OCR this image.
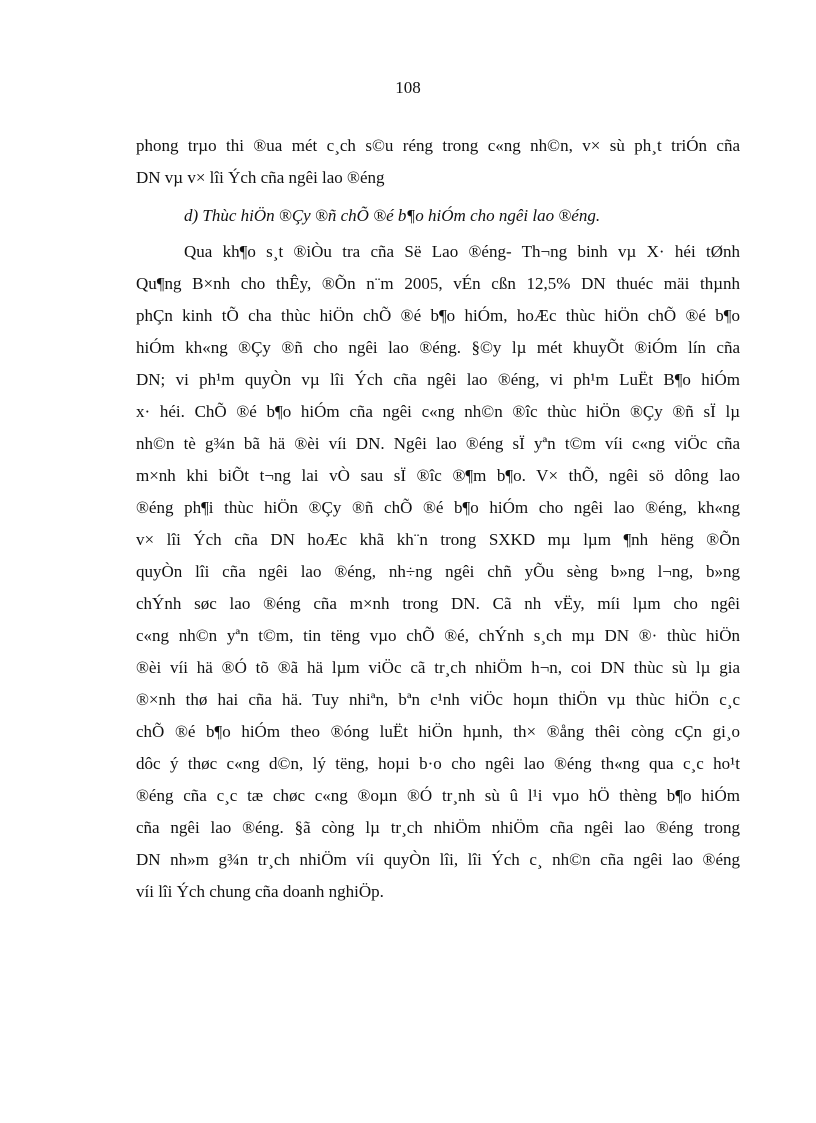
108
phong trµo thi ®ua mét c¸ch s©u réng trong c«ng nh©n, v× sù ph¸t triÓn cña
DN vµ v× lîi Ých cña ngêi lao ®éng
d) Thùc hiÖn ®Çy ®ñ chÕ ®é b¶o hiÓm cho ngêi lao ®éng.
Qua kh¶o s¸t ®iÒu tra cña Së Lao ®éng- Th¬ng binh vµ X· héi tØnh
Qu¶ng B×nh cho thÊy, ®Õn n¨m 2005, vÉn cßn 12,5% DN thuéc mäi thµnh
phÇn kinh tÕ cha thùc hiÖn chÕ ®é b¶o hiÓm, hoÆc thùc hiÖn chÕ ®é b¶o
hiÓm kh«ng ®Çy ®ñ cho ngêi lao ®éng. §©y lµ mét khuyÕt ®iÓm lín cña
DN; vi ph¹m quyÒn vµ lîi Ých cña ngêi lao ®éng, vi ph¹m LuËt B¶o hiÓm
x· héi. ChÕ ®é b¶o hiÓm cña ngêi c«ng nh©n ®îc thùc hiÖn ®Çy ®ñ sÏ lµ
nh©n tè g¾n bã hä ®èi víi DN. Ngêi lao ®éng sÏ yªn t©m víi c«ng viÖc cña
m×nh khi biÕt t¬ng lai vÒ sau sÏ ®îc ®¶m b¶o. V× thÕ, ngêi sö dông lao
®éng ph¶i thùc hiÖn ®Çy ®ñ chÕ ®é b¶o hiÓm cho ngêi lao ®éng, kh«ng
v× lîi Ých cña DN hoÆc khã kh¨n trong SXKD mµ lµm ¶nh hëng ®Õn
quyÒn lîi cña ngêi lao ®éng, nh÷ng ngêi chñ yÕu sèng b»ng l¬ng, b»ng
chÝnh søc lao ®éng cña m×nh trong DN. Cã nh vËy, míi lµm cho ngêi
c«ng nh©n yªn t©m, tin tëng vµo chÕ ®é, chÝnh s¸ch mµ DN ®· thùc hiÖn
®èi víi hä ®Ó tõ ®ã hä lµm viÖc cã tr¸ch nhiÖm h¬n, coi DN thùc sù lµ gia
®×nh thø hai cña hä. Tuy nhiªn, bªn c¹nh viÖc hoµn thiÖn vµ thùc hiÖn c¸c
chÕ ®é b¶o hiÓm theo ®óng luËt hiÖn hµnh, th× ®ång thêi còng cÇn gi¸o
dôc ý thøc c«ng d©n, lý tëng, hoµi b·o cho ngêi lao ®éng th«ng qua c¸c ho¹t
®éng cña c¸c tæ chøc c«ng ®oµn ®Ó tr¸nh sù û l¹i vµo hÖ thèng b¶o hiÓm
cña ngêi lao ®éng. §ã còng lµ tr¸ch nhiÖm nhiÖm cña ngêi lao ®éng trong
DN nh»m g¾n tr¸ch nhiÖm víi quyÒn lîi, lîi Ých c¸ nh©n cña ngêi lao ®éng
víi lîi Ých chung cña doanh nghiÖp.
